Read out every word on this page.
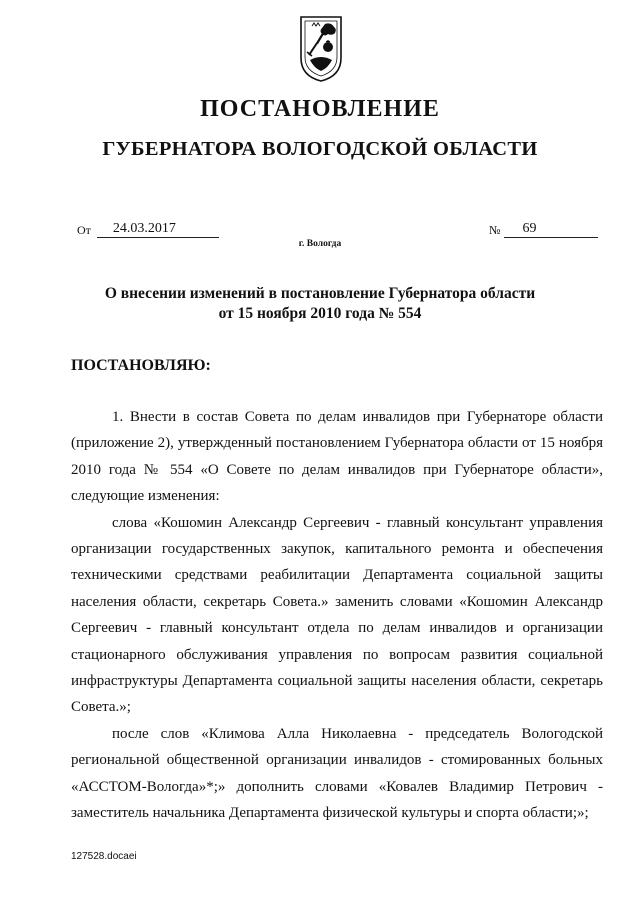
ПОСТАНОВЛЕНИЕ
ГУБЕРНАТОРА ВОЛОГОДСКОЙ ОБЛАСТИ
От 24.03.2017	№ 69
г. Вологда
О внесении изменений в постановление Губернатора области
от 15 ноября 2010 года № 554
ПОСТАНОВЛЯЮ:

1. Внести в состав Совета по делам инвалидов при Губернаторе области (приложение 2), утвержденный постановлением Губернатора области от 15 ноября 2010 года № 554 «О Совете по делам инвалидов при Губернаторе области», следующие изменения:

слова «Кошомин Александр Сергеевич - главный консультант управления организации государственных закупок, капитального ремонта и обеспечения техническими средствами реабилитации Департамента социальной защиты населения области, секретарь Совета.» заменить словами «Кошомин Александр Сергеевич - главный консультант отдела по делам инвалидов и организации стационарного обслуживания управления по вопросам развития социальной инфраструктуры Департамента социальной защиты населения области, секретарь Совета.»;

после слов «Климова Алла Николаевна - председатель Вологодской региональной общественной организации инвалидов - стомированных больных «АССТОМ-Вологда»*;» дополнить словами «Ковалев Владимир Петрович - заместитель начальника Департамента физической культуры и спорта области;»;

127528.docaei
